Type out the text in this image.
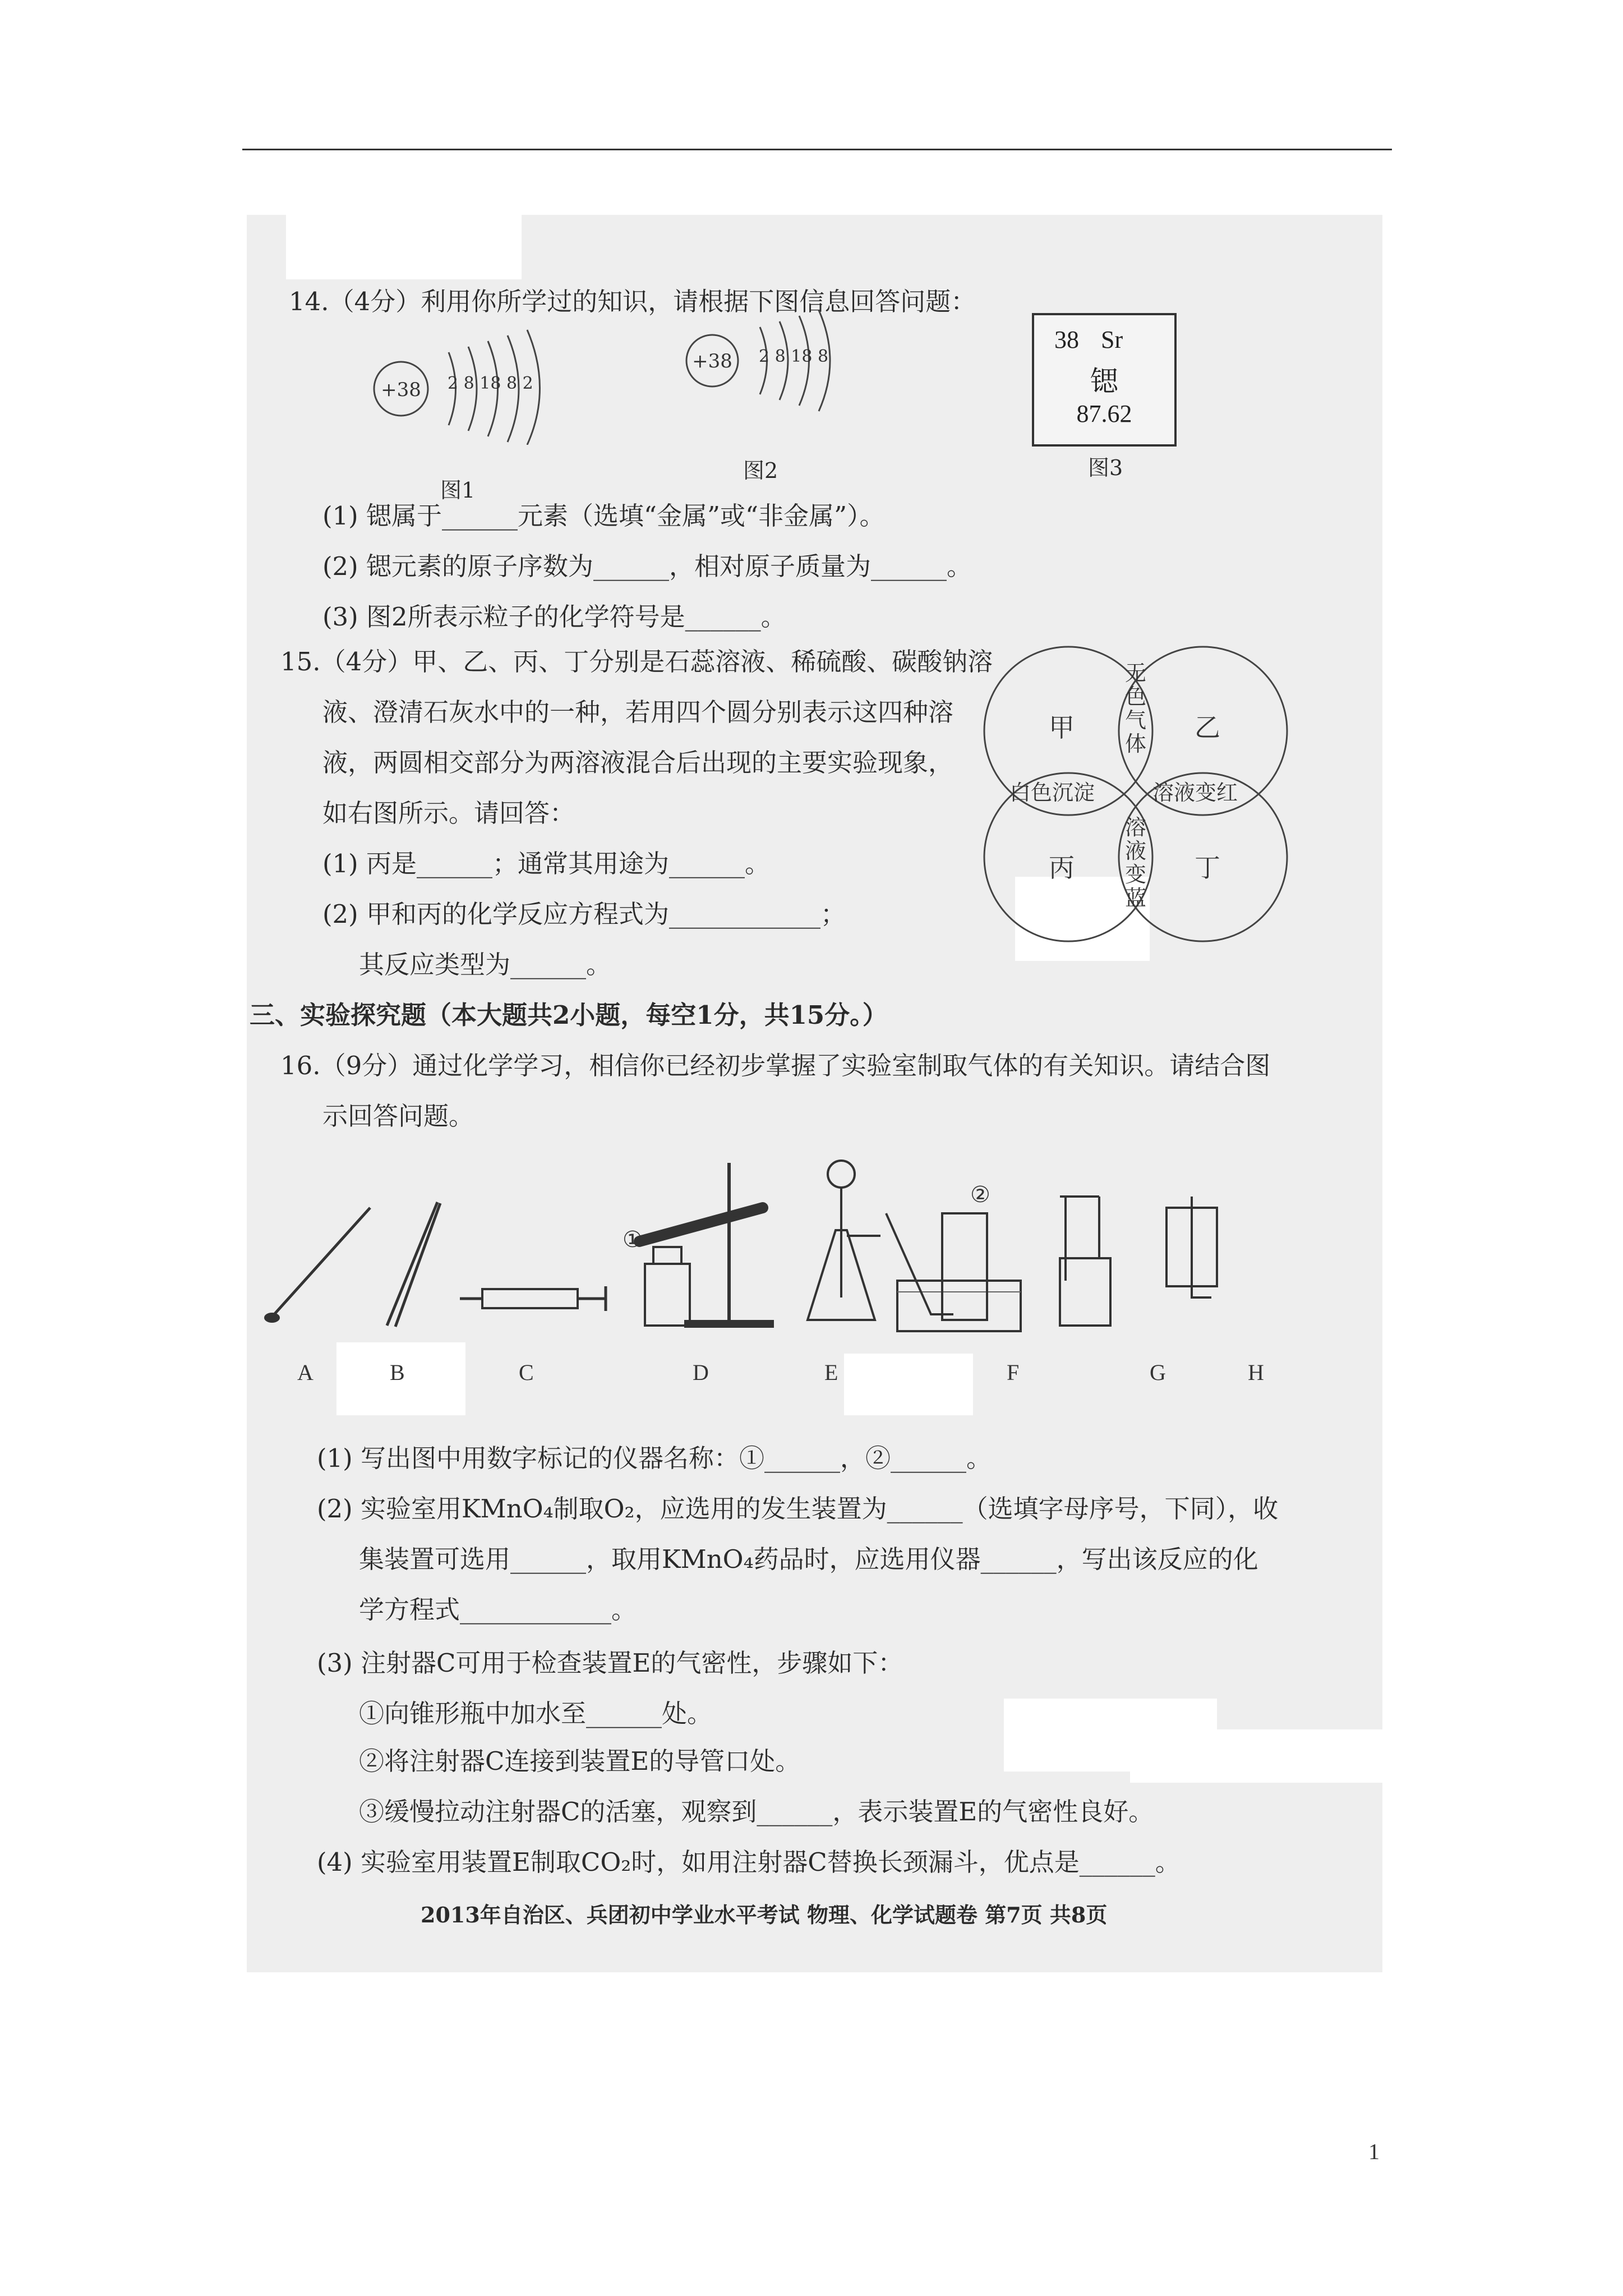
14.（4分）利用你所学过的知识，请根据下图信息回答问题：
+38 2 8 18 8 2
图1
+38 2 8 18 8
图2
38 Sr
锶
87.62
图3
(1) 锶属于______元素（选填“金属”或“非金属”）。
(2) 锶元素的原子序数为______，相对原子质量为______。
(3) 图2所表示粒子的化学符号是______。
15.（4分）甲、乙、丙、丁分别是石蕊溶液、稀硫酸、碳酸钠溶
液、澄清石灰水中的一种，若用四个圆分别表示这四种溶
液，两圆相交部分为两溶液混合后出现的主要实验现象，
如右图所示。请回答：
(1) 丙是______；通常其用途为______。
(2) 甲和丙的化学反应方程式为____________；
其反应类型为______。
甲	乙
丙	丁
白色沉淀	溶液变红
无色气体
溶液变蓝
三、实验探究题（本大题共2小题，每空1分，共15分。）
16.（9分）通过化学学习，相信你已经初步掌握了实验室制取气体的有关知识。请结合图
示回答问题。
①
②
A	B	C	D	E	F	G	H
(1) 写出图中用数字标记的仪器名称：①______，②______。
(2) 实验室用KMnO₄制取O₂，应选用的发生装置为______（选填字母序号，下同），收
集装置可选用______，取用KMnO₄药品时，应选用仪器______，写出该反应的化
学方程式____________。
(3) 注射器C可用于检查装置E的气密性，步骤如下：
①向锥形瓶中加水至______处。
②将注射器C连接到装置E的导管口处。
③缓慢拉动注射器C的活塞，观察到______，表示装置E的气密性良好。
(4) 实验室用装置E制取CO₂时，如用注射器C替换长颈漏斗，优点是______。
2013年自治区、兵团初中学业水平考试 物理、化学试题卷 第7页 共8页
1
